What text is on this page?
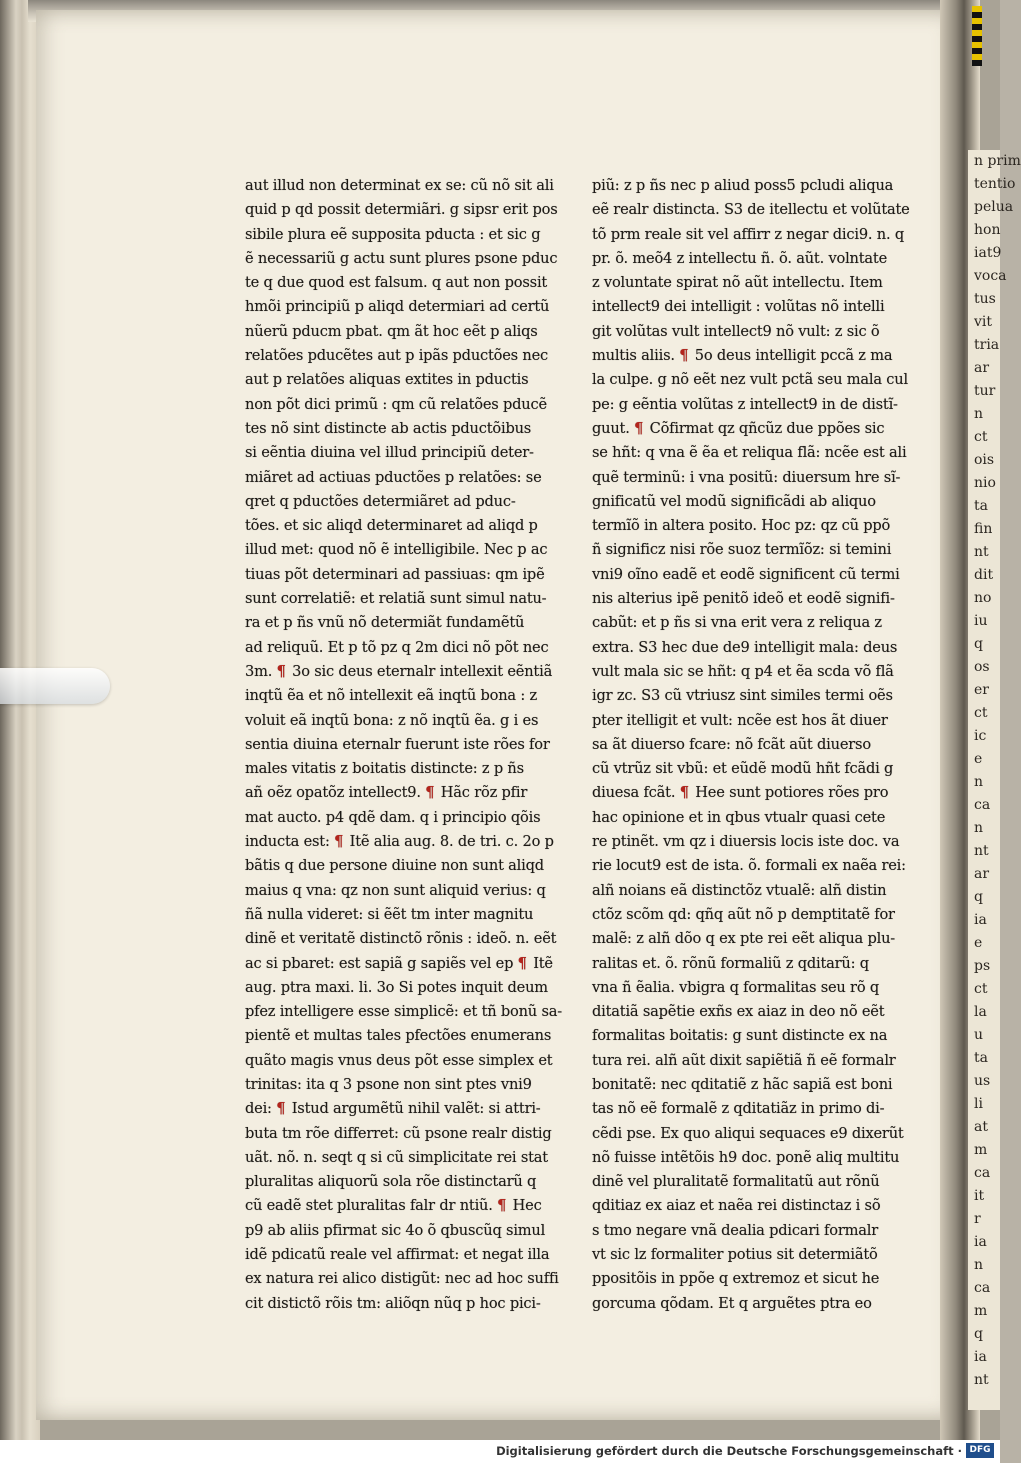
n prim
tentio
pelua
hon
iat9
voca
tus
vit
tria
ar
tur
n
ct
ois
nio
ta
fin
nt
dit
no
iu
q
os
er
ct
ic
e
n
ca
n
nt
ar
q
ia
e
ps
ct
la
u
ta
us
li
at
m
ca
it
r
ia
n
ca
m
q
ia
nt
aut illud non determinat ex se: cũ nõ sit ali
quid p qd possit determiãri. g sipsr erit pos
sibile plura eẽ supposita pducta : et sic g
ẽ necessariũ g actu sunt plures psone pduc
te q due quod est falsum. q aut non possit
hmõi principiũ p aliqd determiari ad certũ
nũerũ pducm pbat. qm ãt hoc eẽt p aliqs
relatões pducẽtes aut p ipãs pductões nec
aut p relatões aliquas extites in pductis
non põt dici primũ : qm cũ relatões pducẽ
tes nõ sint distincte ab actis pductõibus
si eẽntia diuina vel illud principiũ deter-
miãret ad actiuas pductões p relatões: se
qret q pductões determiãret ad pduc-
tões. et sic aliqd determinaret ad aliqd p
illud met: quod nõ ẽ intelligibile. Nec p ac
tiuas põt determinari ad passiuas: qm ipẽ
sunt correlatiẽ: et relatiã sunt simul natu-
ra et p ñs vnũ nõ determiãt fundamẽtũ
ad reliquũ. Et p tõ pz q 2m dici nõ põt nec
3m. ¶ 3o sic deus eternalr intellexit eẽntiã
inqtũ ẽa et nõ intellexit eã inqtũ bona : z
voluit eã inqtũ bona: z nõ inqtũ ẽa. g i es
sentia diuina eternalr fuerunt iste rões for
males vitatis z boitatis distincte: z p ñs
añ oẽz opatõz intellect9. ¶ Hãc rõz pfir
mat aucto. p4 qdẽ dam. q i principio qõis
inducta est: ¶ Itẽ alia aug. 8. de tri. c. 2o p
bãtis q due persone diuine non sunt aliqd
maius q vna: qz non sunt aliquid verius: q
ñã nulla videret: si ẽẽt tm inter magnitu
dinẽ et veritatẽ distinctõ rõnis : ideõ. n. eẽt
ac si pbaret: est sapiã g sapiẽs vel ep ¶ Itẽ
aug. ptra maxi. li. 3o Si potes inquit deum
pfez intelligere esse simplicẽ: et tñ bonũ sa-
pientẽ et multas tales pfectões enumerans
quãto magis vnus deus põt esse simplex et
trinitas: ita q 3 psone non sint ptes vni9
dei: ¶ Istud argumẽtũ nihil valẽt: si attri-
buta tm rõe differret: cũ psone realr distig
uãt. nõ. n. seqt q si cũ simplicitate rei stat
pluralitas aliquorũ sola rõe distinctarũ q
cũ eadẽ stet pluralitas falr dr ntiũ. ¶ Hec
p9 ab aliis pfirmat sic 4o õ qbuscũq simul
idẽ pdicatũ reale vel affirmat: et negat illa
ex natura rei alico distigũt: nec ad hoc suffi
cit distictõ rõis tm: aliõqn nũq p hoc pici-
piũ: z p ñs nec p aliud poss5 pcludi aliqua
eẽ realr distincta. S3 de itellectu et volũtate
tõ prm reale sit vel affirr z negar dici9. n. q
pr. õ. meõ4 z intellectu ñ. õ. aũt. volntate
z voluntate spirat nõ aũt intellectu. Item
intellect9 dei intelligit : volũtas nõ intelli
git volũtas vult intellect9 nõ vult: z sic õ
multis aliis. ¶ 5o deus intelligit pccã z ma
la culpe. g nõ eẽt nez vult pctã seu mala cul
pe: g eẽntia volũtas z intellect9 in de distĩ-
guut. ¶ Cõfirmat qz qñcũz due ppões sic
se hñt: q vna ẽ ẽa et reliqua flã: ncẽe est ali
quẽ terminũ: i vna positũ: diuersum hre sĩ-
gnificatũ vel modũ significãdi ab aliquo
termĩõ in altera posito. Hoc pz: qz cũ ppõ
ñ significz nisi rõe suoz termĩõz: si temini
vni9 oĩno eadẽ et eodẽ significent cũ termi
nis alterius ipẽ penitõ ideõ et eodẽ signifi-
cabũt: et p ñs si vna erit vera z reliqua z
extra. S3 hec due de9 intelligit mala: deus
vult mala sic se hñt: q p4 et ẽa scda võ flã
igr zc. S3 cũ vtriusz sint similes termi oẽs
pter itelligit et vult: ncẽe est hos ãt diuer
sa ãt diuerso fcare: nõ fcãt aũt diuerso
cũ vtrũz sit vbũ: et eũdẽ modũ hñt fcãdi g
diuesa fcãt. ¶ Hee sunt potiores rões pro
hac opinione et in qbus vtualr quasi cete
re ptinẽt. vm qz i diuersis locis iste doc. va
rie locut9 est de ista. õ. formali ex naẽa rei:
alñ noians eã distinctõz vtualẽ: alñ distin
ctõz scõm qd: qñq aũt nõ p demptitatẽ for
malẽ: z alñ dõo q ex pte rei eẽt aliqua plu-
ralitas et. õ. rõnũ formaliũ z qditarũ: q
vna ñ ẽalia. vbigra q formalitas seu rõ q
ditatiã sapẽtie exñs ex aiaz in deo nõ eẽt
formalitas boitatis: g sunt distincte ex na
tura rei. alñ aũt dixit sapiẽtiã ñ eẽ formalr
bonitatẽ: nec qditatiẽ z hãc sapiã est boni
tas nõ eẽ formalẽ z qditatiãz in primo di-
cẽdi pse. Ex quo aliqui sequaces e9 dixerũt
nõ fuisse intẽtõis h9 doc. ponẽ aliq multitu
dinẽ vel pluralitatẽ formalitatũ aut rõnũ
qditiaz ex aiaz et naẽa rei distinctaz i sõ
s tmo negare vnã dealia pdicari formalr
vt sic lz formaliter potius sit determiãtõ
ppositõis in ppõe q extremoz et sicut he
gorcuma qõdam. Et q arguẽtes ptra eo
Digitalisierung gefördert durch die Deutsche Forschungsgemeinschaft · DFG
